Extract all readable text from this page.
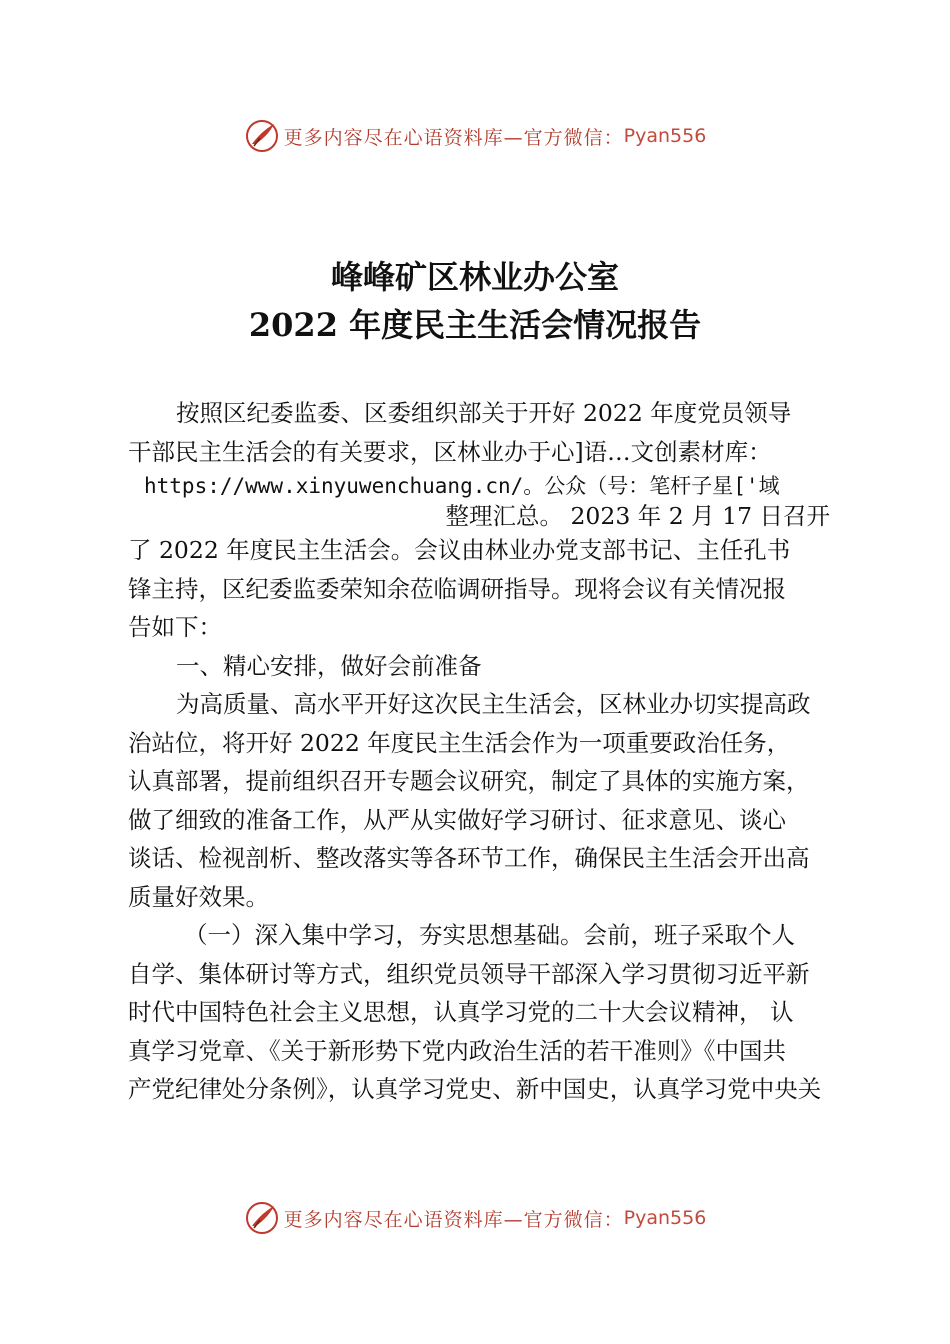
更多内容尽在心语资料库—官方微信： Pyan556
峰峰矿区林业办公室
2022 年度民主生活会情况报告
按照区纪委监委、区委组织部关于开好 2022 年度党员领导
干部民主生活会的有关要求，区林业办于心]语…文创素材库：
https://www.xinyuwenchuang.cn/。公众（号：笔杆子星['域
整理汇总。 2023 年 2 月 17 日召开
了 2022 年度民主生活会。会议由林业办党支部书记、主任孔书
锋主持，区纪委监委荣知余莅临调研指导。现将会议有关情况报
告如下：
一、精心安排，做好会前准备
为高质量、高水平开好这次民主生活会，区林业办切实提高政
治站位，将开好 2022 年度民主生活会作为一项重要政治任务，
认真部署，提前组织召开专题会议研究，制定了具体的实施方案，
做了细致的准备工作，从严从实做好学习研讨、征求意见、谈心
谈话、检视剖析、整改落实等各环节工作，确保民主生活会开出高
质量好效果。
（一）深入集中学习，夯实思想基础。会前，班子采取个人
自学、集体研讨等方式，组织党员领导干部深入学习贯彻习近平新
时代中国特色社会主义思想，认真学习党的二十大会议精神， 认
真学习党章、《关于新形势下党内政治生活的若干准则》《中国共
产党纪律处分条例》，认真学习党史、新中国史，认真学习党中央关
更多内容尽在心语资料库—官方微信： Pyan556
